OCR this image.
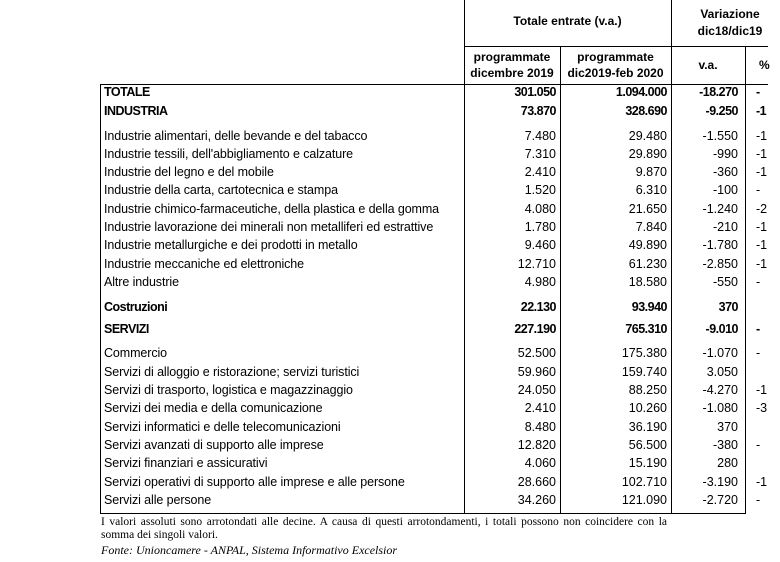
Totale entrate (v.a.)	Variazione
dic18/dic19
programmate
dicembre 2019
programmate
dic2019-feb 2020
v.a.	%
TOTALE	301.050	1.094.000	-18.270 -
INDUSTRIA	73.870	328.690	-9.250 -1
Industrie alimentari, delle bevande e del tabacco	7.480	29.480	-1.550 -1
Industrie tessili, dell'abbigliamento e calzature	7.310	29.890	-990 -1
Industrie del legno e del mobile	2.410	9.870	-360 -1
Industrie della carta, cartotecnica e stampa	1.520	6.310	-100 -
Industrie chimico-farmaceutiche, della plastica e della gomma	4.080	21.650	-1.240 -2
Industrie lavorazione dei minerali non metalliferi ed estrattive	1.780	7.840	-210 -1
Industrie metallurgiche e dei prodotti in metallo	9.460	49.890	-1.780 -1
Industrie meccaniche ed elettroniche	12.710	61.230	-2.850 -1
Altre industrie	4.980	18.580	-550 -
Costruzioni	22.130	93.940	370
SERVIZI	227.190	765.310	-9.010 -
Commercio	52.500	175.380	-1.070 -
Servizi di alloggio e ristorazione; servizi turistici	59.960	159.740	3.050
Servizi di trasporto, logistica e magazzinaggio	24.050	88.250	-4.270 -1
Servizi dei media e della comunicazione	2.410	10.260	-1.080 -3
Servizi informatici e delle telecomunicazioni	8.480	36.190	370
Servizi avanzati di supporto alle imprese	12.820	56.500	-380 -
Servizi finanziari e assicurativi	4.060	15.190	280
Servizi operativi di supporto alle imprese e alle persone	28.660	102.710	-3.190 -1
Servizi alle persone	34.260	121.090	-2.720 -
I valori assoluti sono arrotondati alle decine. A causa di questi arrotondamenti, i totali possono non coincidere con la somma dei singoli valori.
Fonte: Unioncamere - ANPAL, Sistema Informativo Excelsior
